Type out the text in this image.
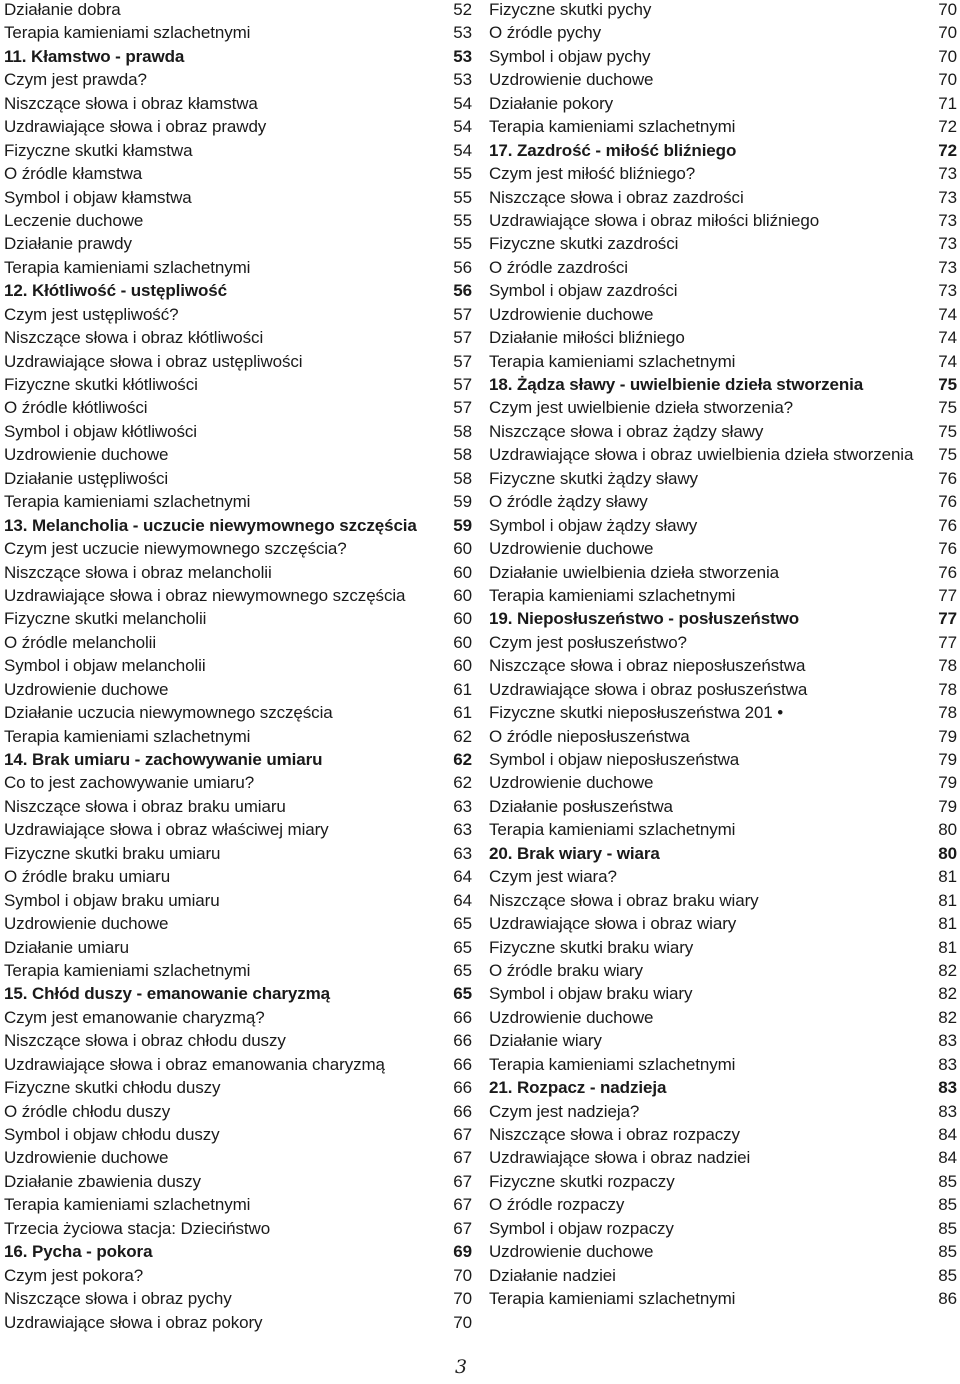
Działanie dobra	52
Terapia kamieniami szlachetnymi	53
11. Kłamstwo - prawda	53
Czym jest prawda?	53
Niszczące słowa i obraz kłamstwa	54
Uzdrawiające słowa i obraz prawdy	54
Fizyczne skutki kłamstwa	54
O źródle kłamstwa	55
Symbol i objaw kłamstwa	55
Leczenie duchowe	55
Działanie prawdy	55
Terapia kamieniami szlachetnymi	56
12. Kłótliwość - ustępliwość	56
Czym jest ustępliwość?	57
Niszczące słowa i obraz kłótliwości	57
Uzdrawiające słowa i obraz ustępliwości	57
Fizyczne skutki kłótliwości	57
O źródle kłótliwości	57
Symbol i objaw kłótliwości	58
Uzdrowienie duchowe	58
Działanie ustępliwości	58
Terapia kamieniami szlachetnymi	59
13. Melancholia - uczucie niewymownego szczęścia	59
Czym jest uczucie niewymownego szczęścia?	60
Niszczące słowa i obraz melancholii	60
Uzdrawiające słowa i obraz niewymownego szczęścia	60
Fizyczne skutki melancholii	60
O źródle melancholii	60
Symbol i objaw melancholii	60
Uzdrowienie duchowe	61
Działanie uczucia niewymownego szczęścia	61
Terapia kamieniami szlachetnymi	62
14. Brak umiaru - zachowywanie umiaru	62
Co to jest zachowywanie umiaru?	62
Niszczące słowa i obraz braku umiaru	63
Uzdrawiające słowa i obraz właściwej miary	63
Fizyczne skutki braku umiaru	63
O źródle braku umiaru	64
Symbol i objaw braku umiaru	64
Uzdrowienie duchowe	65
Działanie umiaru	65
Terapia kamieniami szlachetnymi	65
15. Chłód duszy - emanowanie charyzmą	65
Czym jest emanowanie charyzmą?	66
Niszczące słowa i obraz chłodu duszy	66
Uzdrawiające słowa i obraz emanowania charyzmą	66
Fizyczne skutki chłodu duszy	66
O źródle chłodu duszy	66
Symbol i objaw chłodu duszy	67
Uzdrowienie duchowe	67
Działanie zbawienia duszy	67
Terapia kamieniami szlachetnymi	67
Trzecia życiowa stacja: Dzieciństwo	67
16. Pycha - pokora	69
Czym jest pokora?	70
Niszczące słowa i obraz pychy	70
Uzdrawiające słowa i obraz pokory	70
Fizyczne skutki pychy	70
O źródle pychy	70
Symbol i objaw pychy	70
Uzdrowienie duchowe	70
Działanie pokory	71
Terapia kamieniami szlachetnymi	72
17. Zazdrość - miłość bliźniego	72
Czym jest miłość bliźniego?	73
Niszczące słowa i obraz zazdrości	73
Uzdrawiające słowa i obraz miłości bliźniego	73
Fizyczne skutki zazdrości	73
O źródle zazdrości	73
Symbol i objaw zazdrości	73
Uzdrowienie duchowe	74
Działanie miłości bliźniego	74
Terapia kamieniami szlachetnymi	74
18. Żądza sławy - uwielbienie dzieła stworzenia	75
Czym jest uwielbienie dzieła stworzenia?	75
Niszczące słowa i obraz żądzy sławy	75
Uzdrawiające słowa i obraz uwielbienia dzieła stworzenia	75
Fizyczne skutki żądzy sławy	76
O źródle żądzy sławy	76
Symbol i objaw żądzy sławy	76
Uzdrowienie duchowe	76
Działanie uwielbienia dzieła stworzenia	76
Terapia kamieniami szlachetnymi	77
19. Nieposłuszeństwo - posłuszeństwo	77
Czym jest posłuszeństwo?	77
Niszczące słowa i obraz nieposłuszeństwa	78
Uzdrawiające słowa i obraz posłuszeństwa	78
Fizyczne skutki nieposłuszeństwa 201 •	78
O źródle nieposłuszeństwa	79
Symbol i objaw nieposłuszeństwa	79
Uzdrowienie duchowe	79
Działanie posłuszeństwa	79
Terapia kamieniami szlachetnymi	80
20. Brak wiary - wiara	80
Czym jest wiara?	81
Niszczące słowa i obraz braku wiary	81
Uzdrawiające słowa i obraz wiary	81
Fizyczne skutki braku wiary	81
O źródle braku wiary	82
Symbol i objaw braku wiary	82
Uzdrowienie duchowe	82
Działanie wiary	83
Terapia kamieniami szlachetnymi	83
21. Rozpacz - nadzieja	83
Czym jest nadzieja?	83
Niszczące słowa i obraz rozpaczy	84
Uzdrawiające słowa i obraz nadziei	84
Fizyczne skutki rozpaczy	85
O źródle rozpaczy	85
Symbol i objaw rozpaczy	85
Uzdrowienie duchowe	85
Działanie nadziei	85
Terapia kamieniami szlachetnymi	86
3
